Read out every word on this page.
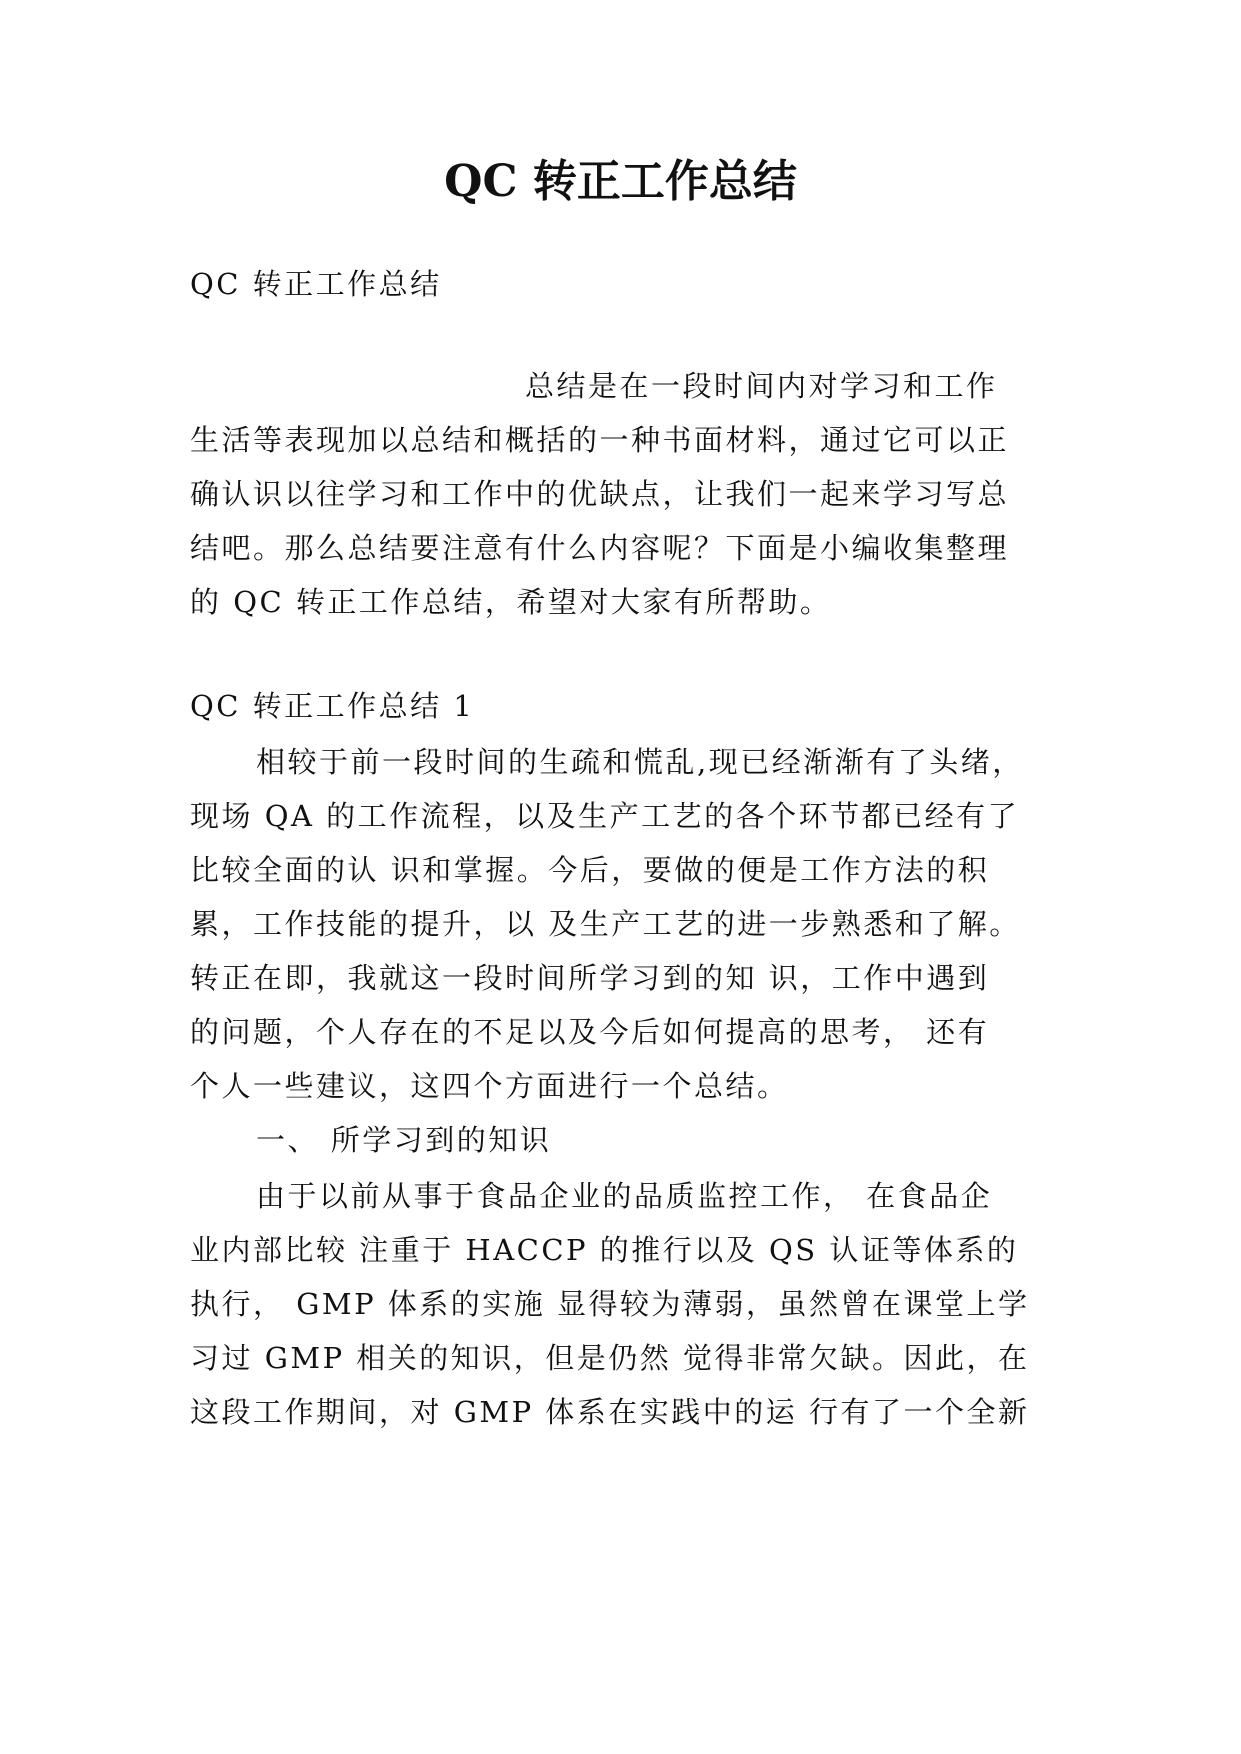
QC 转正工作总结

QC 转正工作总结

总结是在一段时间内对学习和工作

生活等表现加以总结和概括的一种书面材料，通过它可以正

确认识以往学习和工作中的优缺点，让我们一起来学习写总

结吧。那么总结要注意有什么内容呢？下面是小编收集整理

的 QC 转正工作总结，希望对大家有所帮助。

QC 转正工作总结 1

相较于前一段时间的生疏和慌乱,现已经渐渐有了头绪，

现场 QA 的工作流程，以及生产工艺的各个环节都已经有了

比较全面的认 识和掌握。今后，要做的便是工作方法的积

累，工作技能的提升，以 及生产工艺的进一步熟悉和了解。

转正在即，我就这一段时间所学习到的知 识，工作中遇到

的问题，个人存在的不足以及今后如何提高的思考， 还有

个人一些建议，这四个方面进行一个总结。

一、 所学习到的知识

由于以前从事于食品企业的品质监控工作， 在食品企

业内部比较 注重于 HACCP 的推行以及 QS 认证等体系的

执行， GMP 体系的实施 显得较为薄弱，虽然曾在课堂上学

习过 GMP 相关的知识，但是仍然 觉得非常欠缺。因此，在

这段工作期间，对 GMP 体系在实践中的运 行有了一个全新
